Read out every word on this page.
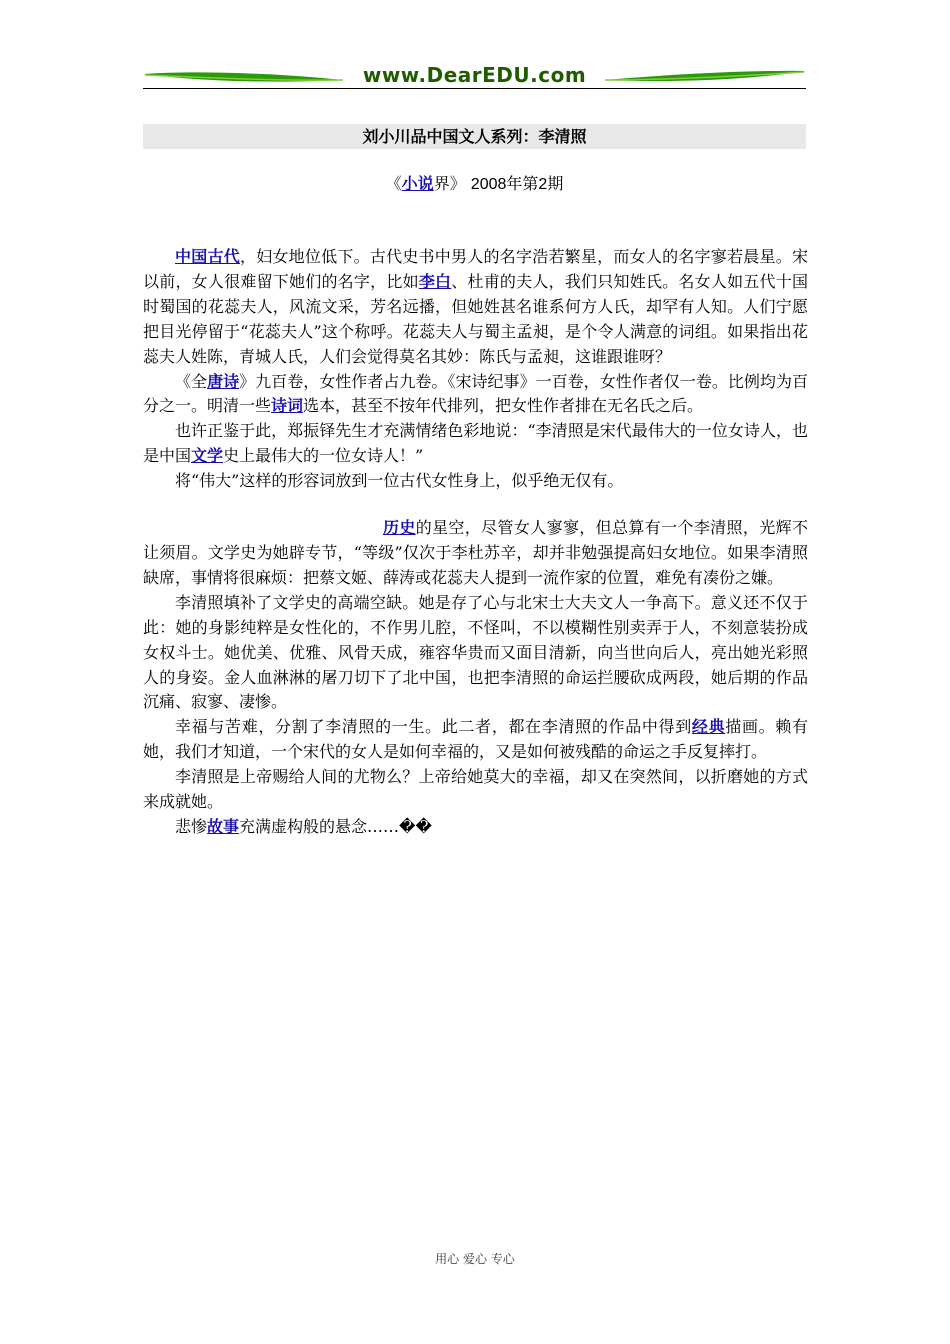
www.DearEDU.com
刘小川品中国文人系列：李清照
《小说界》 2008年第2期

中国古代，妇女地位低下。古代史书中男人的名字浩若繁星，而女人的名字寥若晨星。宋以前，女人很难留下她们的名字，比如李白、杜甫的夫人，我们只知姓氏。名女人如五代十国时蜀国的花蕊夫人，风流文采，芳名远播，但她姓甚名谁系何方人氏，却罕有人知。人们宁愿把目光停留于“花蕊夫人”这个称呼。花蕊夫人与蜀主孟昶，是个令人满意的词组。如果指出花蕊夫人姓陈，青城人氏，人们会觉得莫名其妙：陈氏与孟昶，这谁跟谁呀？

《全唐诗》九百卷，女性作者占九卷。《宋诗纪事》一百卷，女性作者仅一卷。比例均为百分之一。明清一些诗词选本，甚至不按年代排列，把女性作者排在无名氏之后。

也许正鉴于此，郑振铎先生才充满情绪色彩地说：“李清照是宋代最伟大的一位女诗人，也是中国文学史上最伟大的一位女诗人！”

将“伟大”这样的形容词放到一位古代女性身上，似乎绝无仅有。

历史的星空，尽管女人寥寥，但总算有一个李清照，光辉不让须眉。文学史为她辟专节，“等级”仅次于李杜苏辛，却并非勉强提高妇女地位。如果李清照缺席，事情将很麻烦：把蔡文姬、薛涛或花蕊夫人提到一流作家的位置，难免有凑份之嫌。

李清照填补了文学史的高端空缺。她是存了心与北宋士大夫文人一争高下。意义还不仅于此：她的身影纯粹是女性化的，不作男儿腔，不怪叫，不以模糊性别卖弄于人，不刻意装扮成女权斗士。她优美、优雅、风骨天成，雍容华贵而又面目清新，向当世向后人，亮出她光彩照人的身姿。金人血淋淋的屠刀切下了北中国，也把李清照的命运拦腰砍成两段，她后期的作品沉痛、寂寥、凄惨。

幸福与苦难，分割了李清照的一生。此二者，都在李清照的作品中得到经典描画。赖有她，我们才知道，一个宋代的女人是如何幸福的，又是如何被残酷的命运之手反复摔打。

李清照是上帝赐给人间的尤物么？上帝给她莫大的幸福，却又在突然间，以折磨她的方式来成就她。

悲惨故事充满虚构般的悬念……��

用心 爱心 专心
